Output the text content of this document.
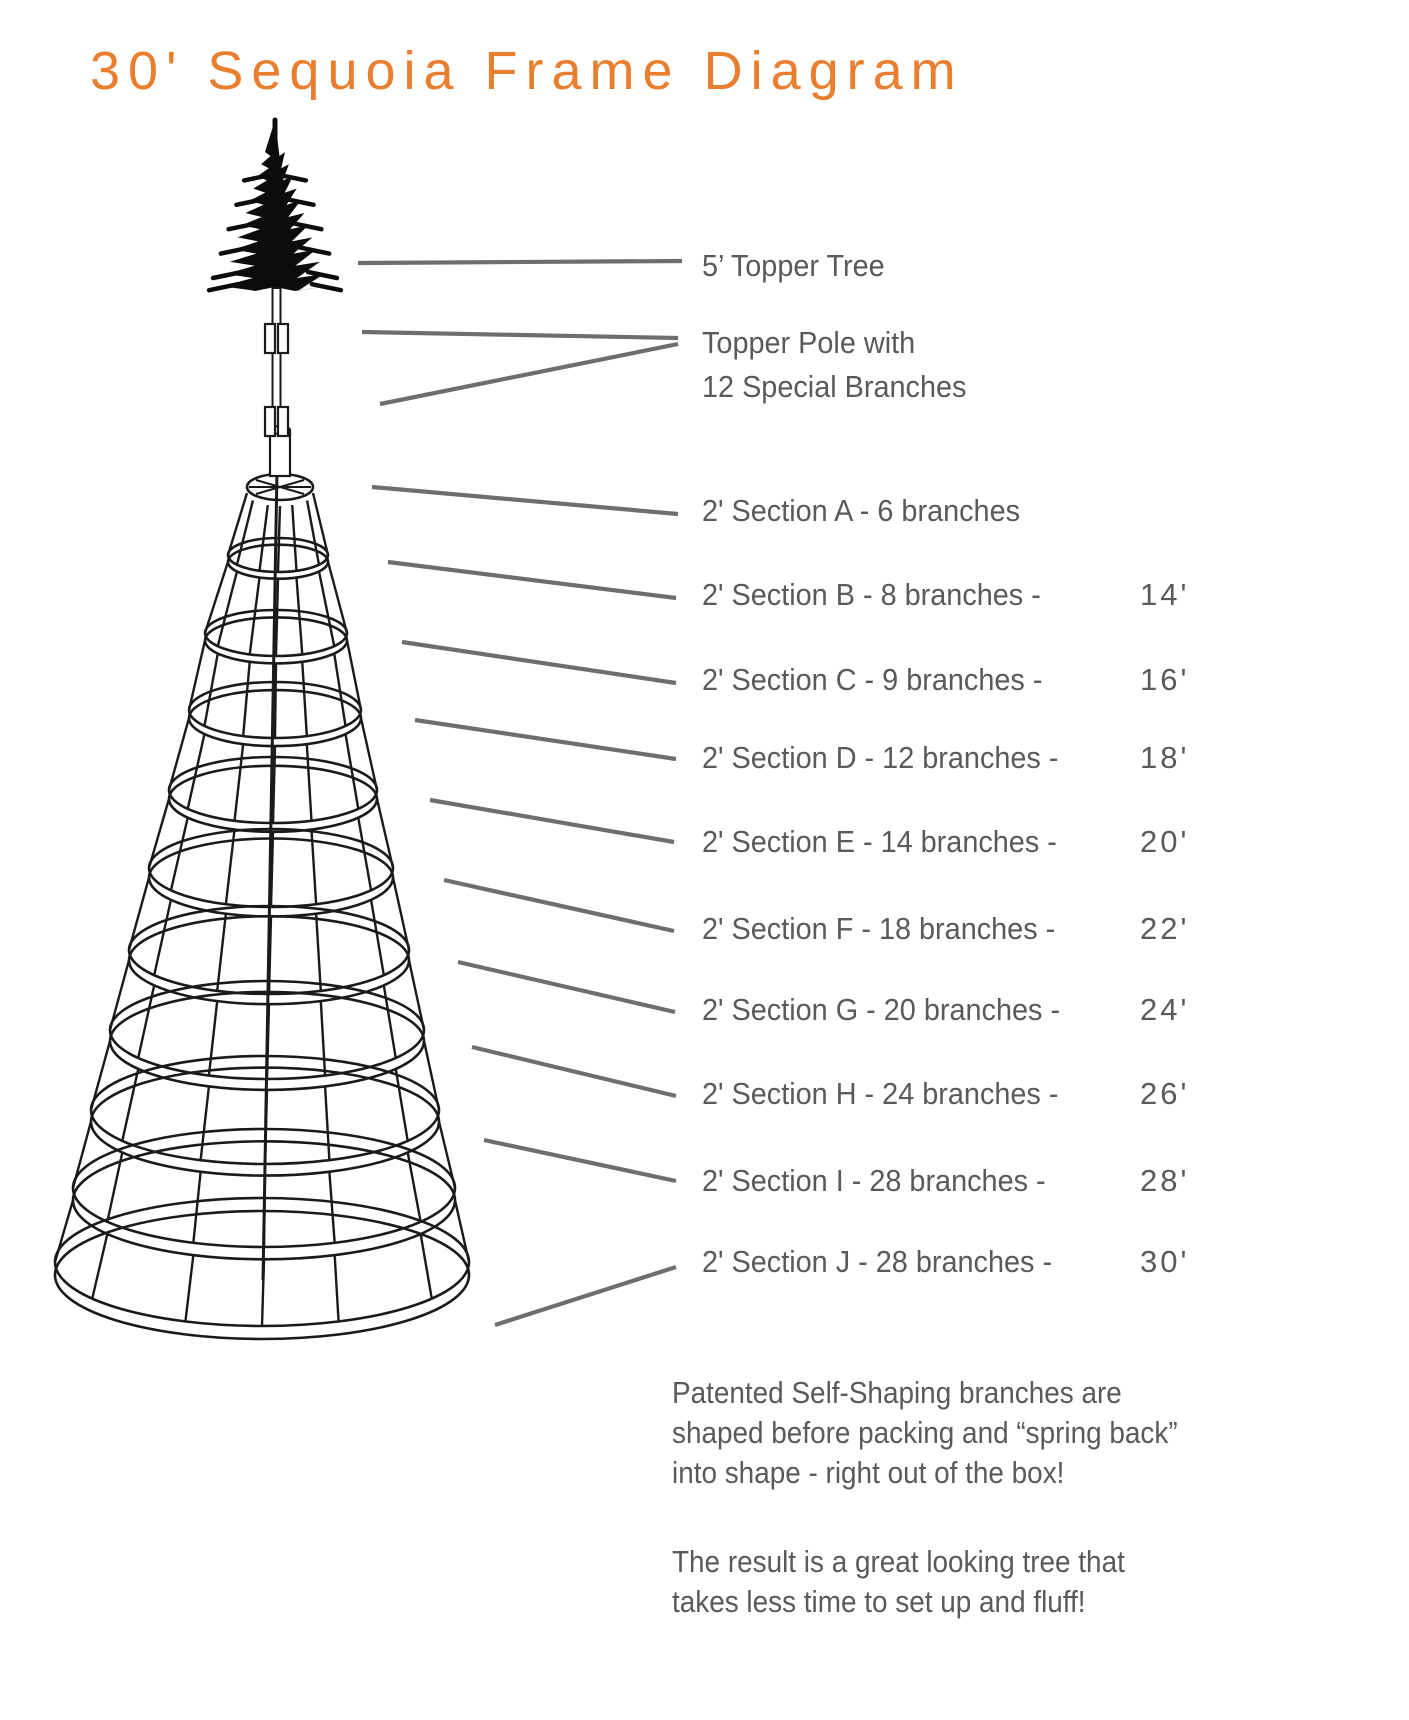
30' Sequoia Frame Diagram
5’ Topper Tree
Topper Pole with
12 Special Branches
2' Section A - 6 branches
2' Section B - 8 branches -
2' Section C - 9 branches -
2' Section D - 12 branches -
2' Section E - 14 branches -
2' Section F - 18 branches -
2' Section G - 20 branches -
2' Section H - 24 branches -
2' Section I - 28 branches -
2' Section J - 28 branches -
14'
16'
18'
20'
22'
24'
26'
28'
30'
Patented Self-Shaping branches are
shaped before packing and “spring back”
into shape - right out of the box!
The result is a great looking tree that
takes less time to set up and fluff!
